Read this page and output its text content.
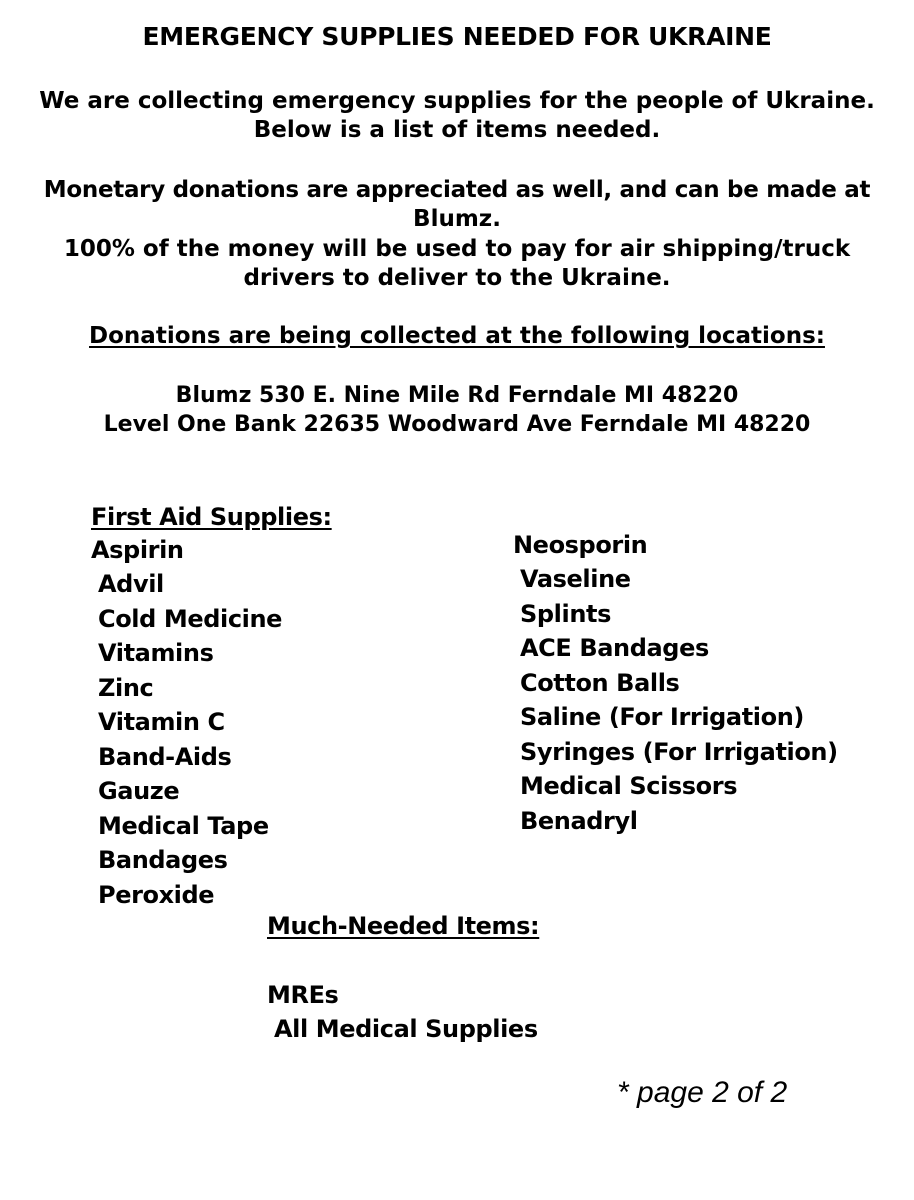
EMERGENCY SUPPLIES NEEDED FOR UKRAINE
We are collecting emergency supplies for the people of Ukraine.
Below is a list of items needed.
Monetary donations are appreciated as well, and can be made at
Blumz.
100% of the money will be used to pay for air shipping/truck
drivers to deliver to the Ukraine.
Donations are being collected at the following locations:
Blumz 530 E. Nine Mile Rd Ferndale MI 48220
Level One Bank 22635 Woodward Ave Ferndale MI 48220
First Aid Supplies:
Aspirin
Advil
Cold Medicine
Vitamins
Zinc
Vitamin C
Band-Aids
Gauze
Medical Tape
Bandages
Peroxide
Neosporin
Vaseline
Splints
ACE Bandages
Cotton Balls
Saline (For Irrigation)
Syringes (For Irrigation)
Medical Scissors
Benadryl
Much-Needed Items:
MREs
All Medical Supplies
* page 2 of 2
